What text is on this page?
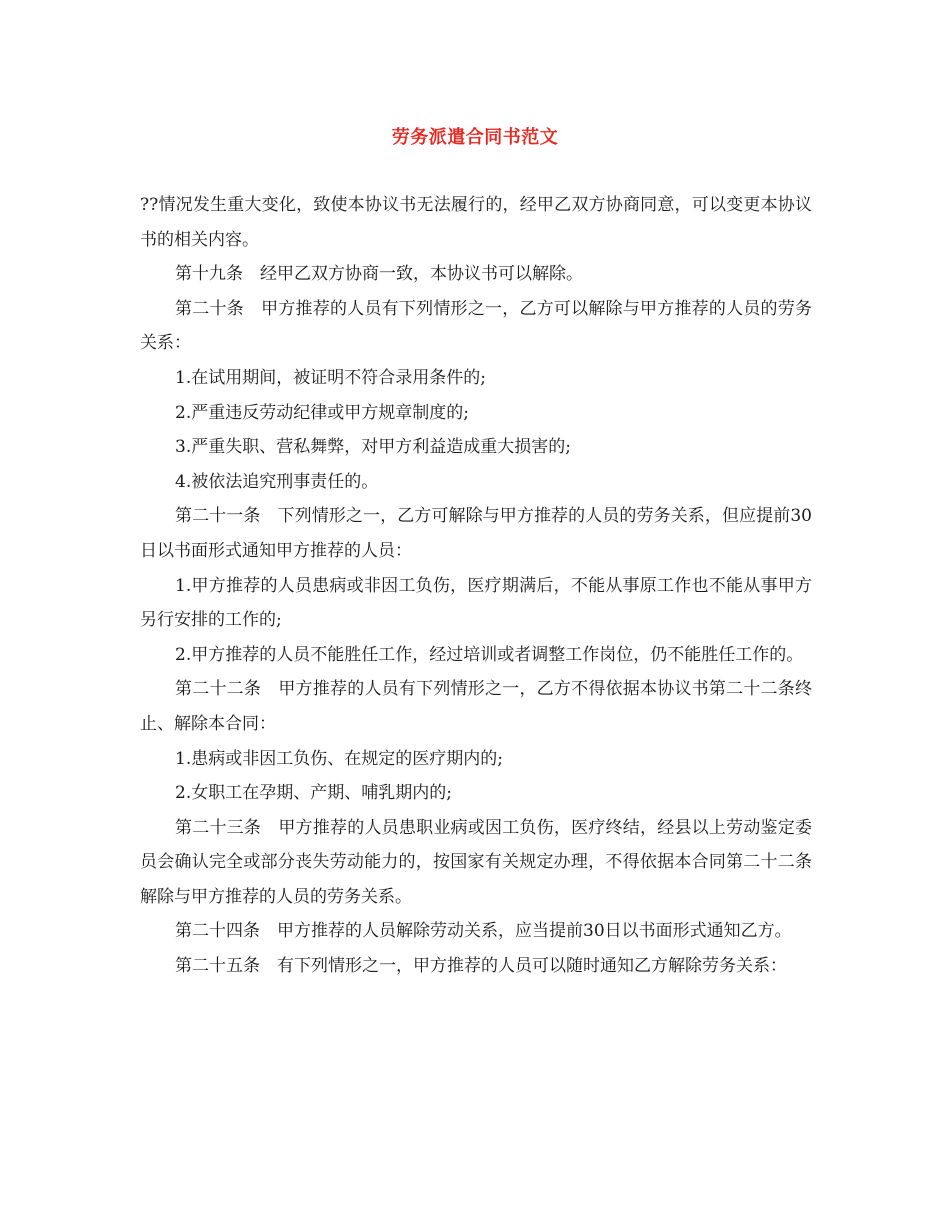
劳务派遣合同书范文

??情况发生重大变化，致使本协议书无法履行的，经甲乙双方协商同意，可以变更本协议书的相关内容。

第十九条　经甲乙双方协商一致，本协议书可以解除。

第二十条　甲方推荐的人员有下列情形之一，乙方可以解除与甲方推荐的人员的劳务关系：

1.在试用期间，被证明不符合录用条件的;

2.严重违反劳动纪律或甲方规章制度的;

3.严重失职、营私舞弊，对甲方利益造成重大损害的;

4.被依法追究刑事责任的。

第二十一条　下列情形之一，乙方可解除与甲方推荐的人员的劳务关系，但应提前30日以书面形式通知甲方推荐的人员：

1.甲方推荐的人员患病或非因工负伤，医疗期满后，不能从事原工作也不能从事甲方另行安排的工作的;

2.甲方推荐的人员不能胜任工作，经过培训或者调整工作岗位，仍不能胜任工作的。

第二十二条　甲方推荐的人员有下列情形之一，乙方不得依据本协议书第二十二条终止、解除本合同：

1.患病或非因工负伤、在规定的医疗期内的;

2.女职工在孕期、产期、哺乳期内的;

第二十三条　甲方推荐的人员患职业病或因工负伤，医疗终结，经县以上劳动鉴定委员会确认完全或部分丧失劳动能力的，按国家有关规定办理，不得依据本合同第二十二条解除与甲方推荐的人员的劳务关系。

第二十四条　甲方推荐的人员解除劳动关系，应当提前30日以书面形式通知乙方。

第二十五条　有下列情形之一，甲方推荐的人员可以随时通知乙方解除劳务关系：
